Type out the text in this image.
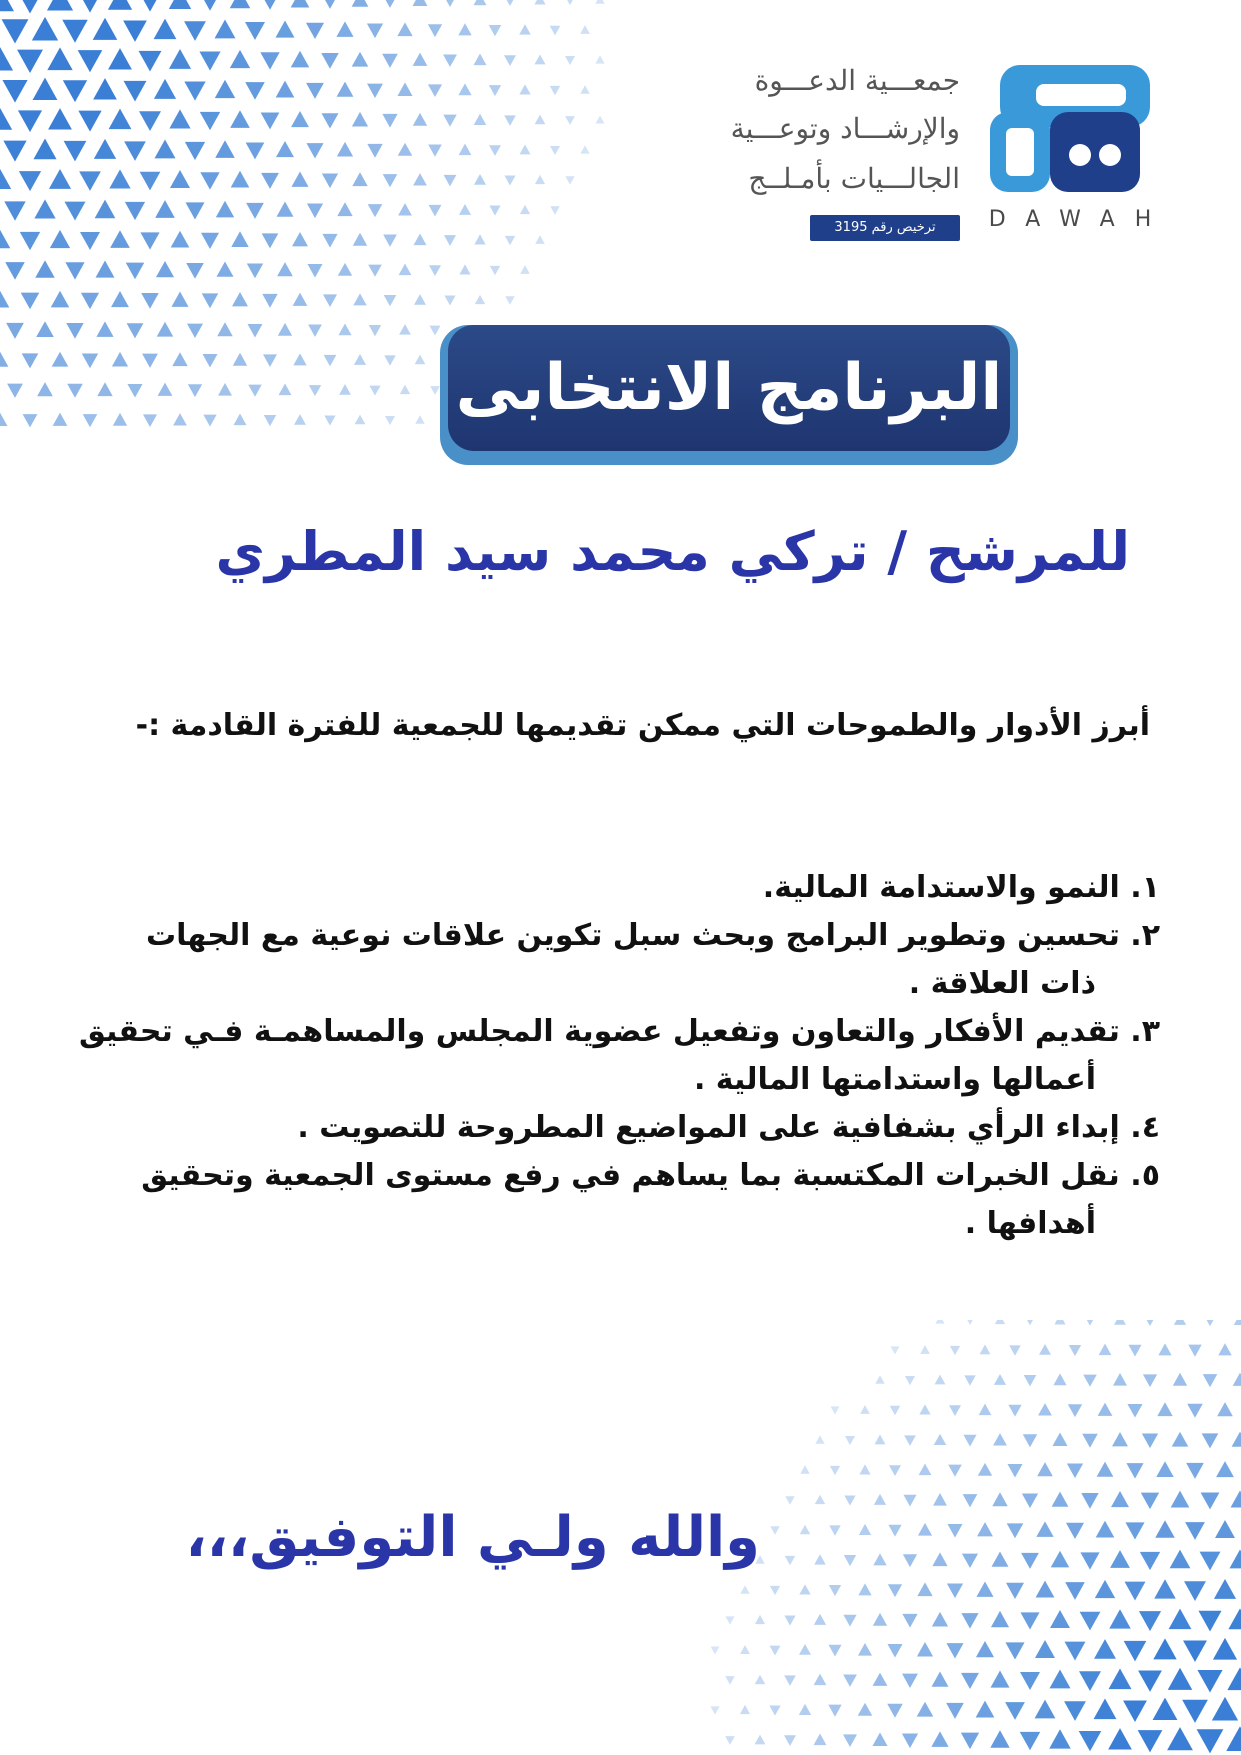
جمعـــية الدعـــوة
والإرشـــاد وتوعـــية
الجالـــيات بأمـلــج
ترخيص رقم 3195	DAWAH
البرنامج الانتخابى
للمرشح / تركي محمد سيد المطري
أبرز الأدوار والطموحات التي ممكن تقديمها للجمعية للفترة القادمة :-
١. النمو والاستدامة المالية.
٢. تحسين وتطوير البرامج وبحث سبل تكوين علاقات نوعية مع الجهات
ذات العلاقة .
٣. تقديم الأفكار والتعاون وتفعيل عضوية المجلس والمساهمـة فـي تحقيق
أعمالها واستدامتها المالية .
٤. إبداء الرأي بشفافية على المواضيع المطروحة للتصويت .
٥. نقل الخبرات المكتسبة بما يساهم في رفع مستوى الجمعية وتحقيق
أهدافها .
والله ولـي التوفيق،،،
